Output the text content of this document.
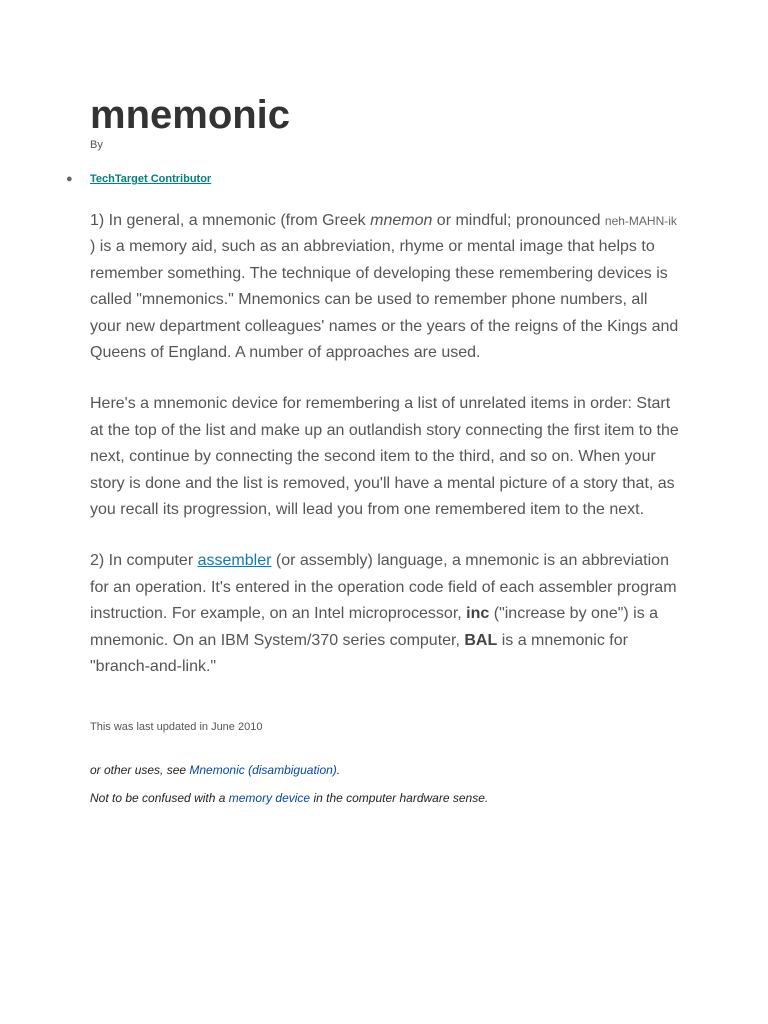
mnemonic
By
● TechTarget Contributor

1) In general, a mnemonic (from Greek mnemon or mindful; pronounced neh-MAHN-ik ) is a memory aid, such as an abbreviation, rhyme or mental image that helps to remember something. The technique of developing these remembering devices is called "mnemonics." Mnemonics can be used to remember phone numbers, all your new department colleagues' names or the years of the reigns of the Kings and Queens of England. A number of approaches are used.

Here's a mnemonic device for remembering a list of unrelated items in order: Start at the top of the list and make up an outlandish story connecting the first item to the next, continue by connecting the second item to the third, and so on. When your story is done and the list is removed, you'll have a mental picture of a story that, as you recall its progression, will lead you from one remembered item to the next.

2) In computer assembler (or assembly) language, a mnemonic is an abbreviation for an operation. It's entered in the operation code field of each assembler program instruction. For example, on an Intel microprocessor, inc ("increase by one") is a mnemonic. On an IBM System/370 series computer, BAL is a mnemonic for "branch-and-link."

This was last updated in June 2010
or other uses, see Mnemonic (disambiguation).
Not to be confused with a memory device in the computer hardware sense.
